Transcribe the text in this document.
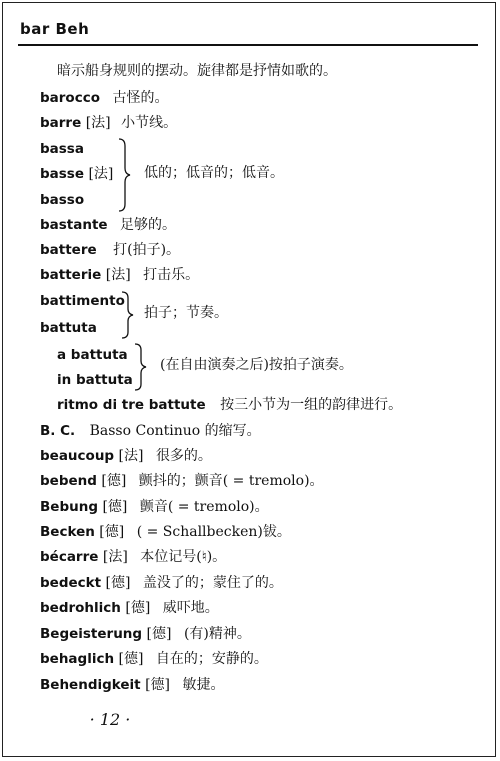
bar Beh
暗示船身规则的摆动。旋律都是抒情如歌的。
barocco 古怪的。
barre [法] 小节线。
bassa
basse [法]
basso
低的；低音的；低音。
bastante 足够的。
battere 打(拍子)。
batterie [法] 打击乐。
battimento
battuta
拍子；节奏。
a battuta
in battuta
(在自由演奏之后)按拍子演奏。
ritmo di tre battute 按三小节为一组的韵律进行。
B. C. Basso Continuo 的缩写。
beaucoup [法] 很多的。
bebend [德] 颤抖的；颤音( = tremolo)。
Bebung [德] 颤音( = tremolo)。
Becken [德] ( = Schallbecken)钹。
bécarre [法] 本位记号(♮)。
bedeckt [德] 盖没了的；蒙住了的。
bedrohlich [德] 威吓地。
Begeisterung [德] (有)精神。
behaglich [德] 自在的；安静的。
Behendigkeit [德] 敏捷。
· 12 ·
